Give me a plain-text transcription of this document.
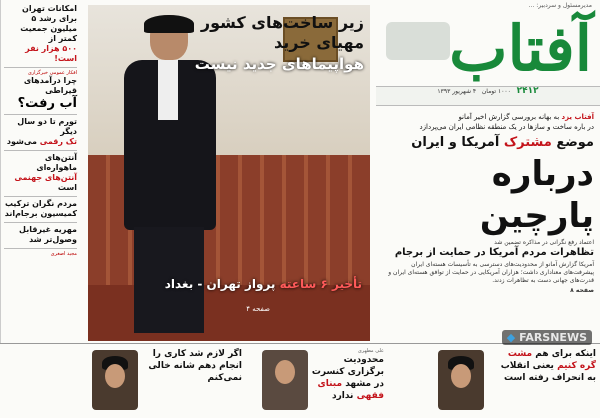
امکانات تهران برای رشد ۵ میلیون جمعیت کمتر از
۵۰۰ هزار نفر است!
افکار عمومی خبرگزاری
چرا درآمدهای قیراطی
آب رفت؟
تورم تا دو سال دیگر
تک رقمی می‌شود
آنتن‌های ماهواره‌ای
آنتن‌های جهنمی است
مردم نگران ترکیب کمیسیون برجام‌اند
مهریه غیرقابل وصول‌تر شد
مجید اصغری
زیر ساخت‌های کشور مهیای خرید
هواپیماهای جدید نیست
تأخیر ۶ ساعته پرواز تهران - بغداد
صفحه ۴
مدیرمسئول و سردبیر: ...
آفتاب
۲۴۱۲   ۱۰۰۰ تومان   ۴ شهریور ۱۳۹۳
آفتاب یزد به بهانه برورسی گزارش اخیر آمانو
در باره ساخت و سازها در یک منطقه نظامی ایران می‌پردازد
موضع مشترک آمریکا و ایران
درباره پارچین
اعتماد رفع نگرانی در مذاکره تضمین شد
تظاهرات مردم آمریکا در حمایت از برجام
آمریکا گزارش آمانو از محدودیت‌های دسترسی به تأسیسات هسته‌ای ایران پیشرفت‌های معناداری داشت؛ هزاران آمریکایی در حمایت از توافق هسته‌ای ایران و قدرت‌های جهانی دست به تظاهرات زدند.
صفحه ۸
اگر لازم شد کاری را انجام دهم شانه خالی نمی‌کنم
علی مطهری
محدودیت برگزاری کنسرت در مشهد مبنای فقهی ندارد
اینکه برای هم مشت گره کنیم یعنی انقلاب به انحراف رفته است
◆ FARSNEWS
